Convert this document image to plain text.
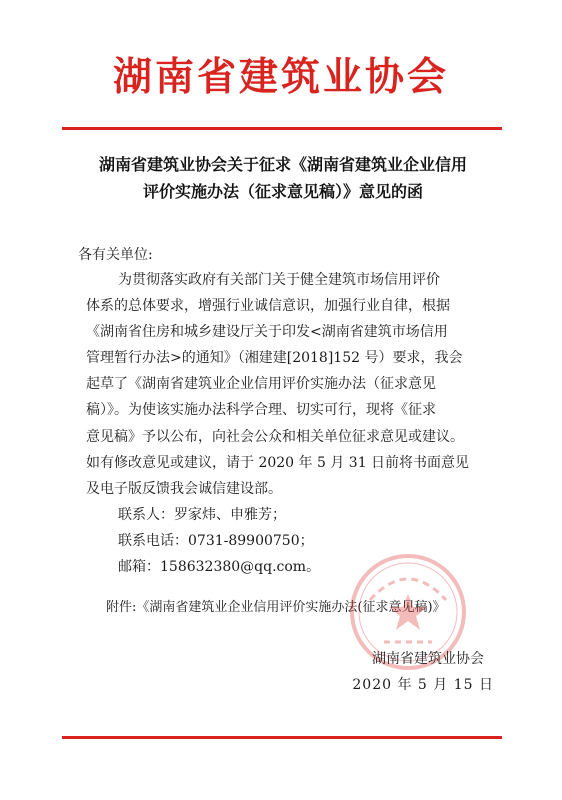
湖南省建筑业协会
湖南省建筑业协会关于征求《湖南省建筑业企业信用
评价实施办法（征求意见稿）》意见的函
各有关单位:
为贯彻落实政府有关部门关于健全建筑市场信用评价
体系的总体要求，增强行业诚信意识，加强行业自律，根据
《湖南省住房和城乡建设厅关于印发<湖南省建筑市场信用
管理暂行办法>的通知》（湘建建[2018]152 号）要求，我会
起草了《湖南省建筑业企业信用评价实施办法（征求意见
稿）》。为使该实施办法科学合理、切实可行，现将《征求
意见稿》予以公布，向社会公众和相关单位征求意见或建议。
如有修改意见或建议，请于 2020 年 5 月 31 日前将书面意见
及电子版反馈我会诚信建设部。
联系人：罗家炜、申雅芳；
联系电话：0731-89900750；
邮箱：158632380@qq.com。
附件:《湖南省建筑业企业信用评价实施办法(征求意见稿)》
湖南省建筑业协会
2020 年 5 月 15 日
